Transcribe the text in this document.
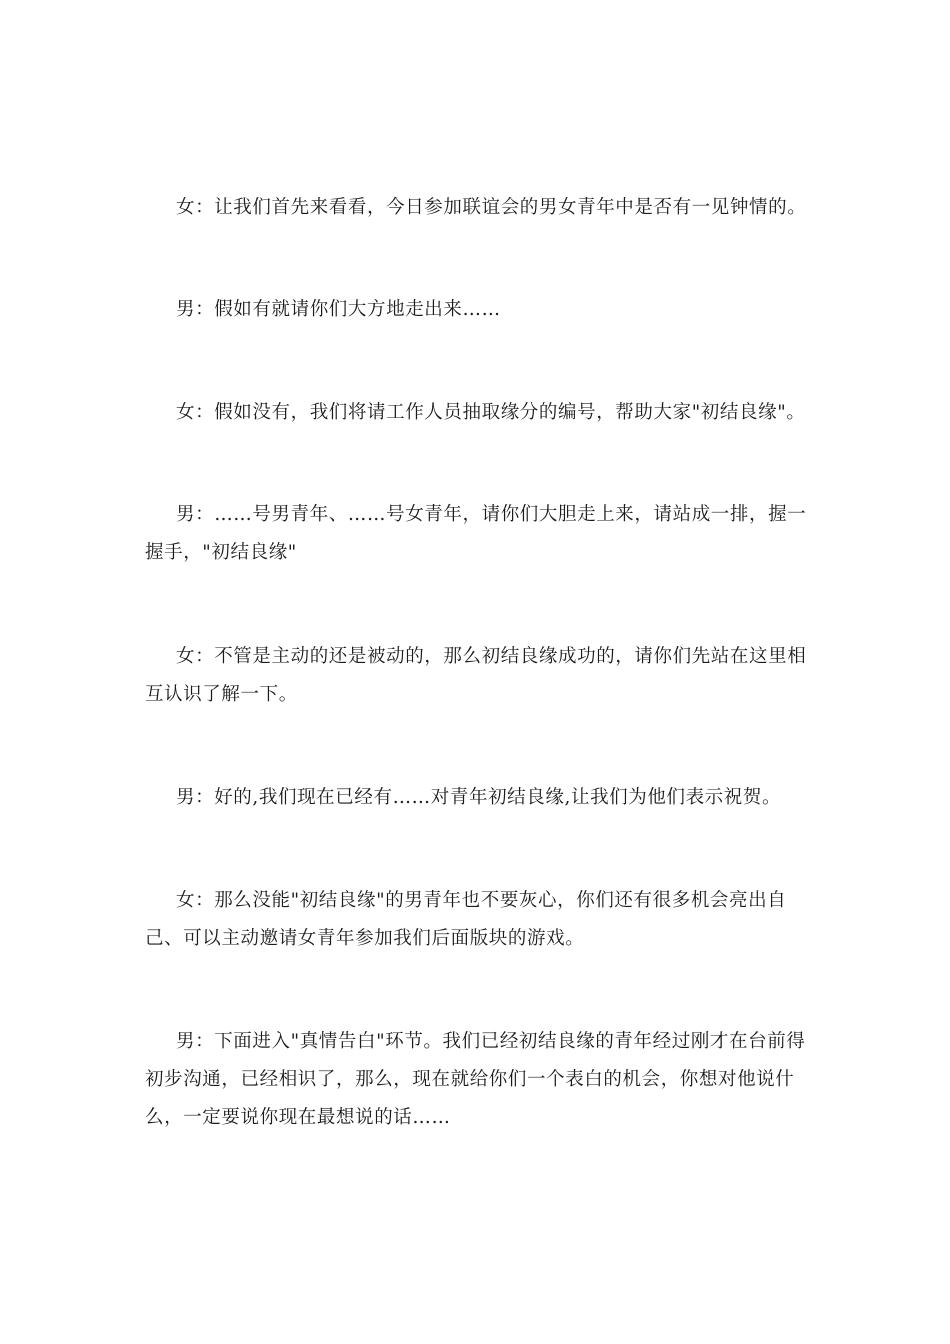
女：让我们首先来看看，今日参加联谊会的男女青年中是否有一见钟情的。

男：假如有就请你们大方地走出来……

女：假如没有，我们将请工作人员抽取缘分的编号，帮助大家"初结良缘"。

男：……号男青年、……号女青年，请你们大胆走上来，请站成一排，握一握手，"初结良缘"

女：不管是主动的还是被动的，那么初结良缘成功的，请你们先站在这里相互认识了解一下。

男：好的,我们现在已经有……对青年初结良缘,让我们为他们表示祝贺。

女：那么没能"初结良缘"的男青年也不要灰心，你们还有很多机会亮出自己、可以主动邀请女青年参加我们后面版块的游戏。

男：下面进入"真情告白"环节。我们已经初结良缘的青年经过刚才在台前得初步沟通，已经相识了，那么，现在就给你们一个表白的机会，你想对他说什么，一定要说你现在最想说的话……
